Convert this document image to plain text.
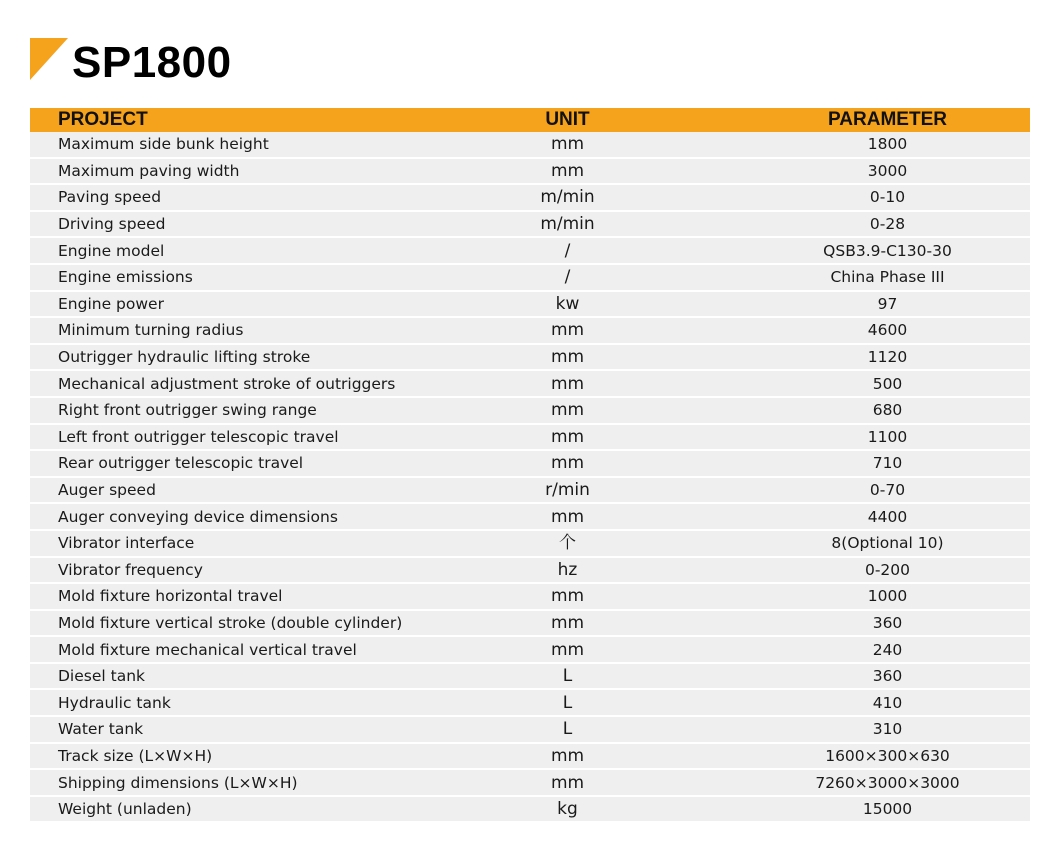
SP1800
PROJECT	UNIT	PARAMETER
Maximum side bunk height	mm	1800
Maximum paving width	mm	3000
Paving speed	m/min	0-10
Driving speed	m/min	0-28
Engine model	/	QSB3.9-C130-30
Engine emissions	/	China Phase III
Engine power	kw	97
Minimum turning radius	mm	4600
Outrigger hydraulic lifting stroke	mm	1120
Mechanical adjustment stroke of outriggers	mm	500
Right front outrigger swing range	mm	680
Left front outrigger telescopic travel	mm	1100
Rear outrigger telescopic travel	mm	710
Auger speed	r/min	0-70
Auger conveying device dimensions	mm	4400
Vibrator interface	个	8(Optional 10)
Vibrator frequency	hz	0-200
Mold fixture horizontal travel	mm	1000
Mold fixture vertical stroke (double cylinder)	mm	360
Mold fixture mechanical vertical travel	mm	240
Diesel tank	L	360
Hydraulic tank	L	410
Water tank	L	310
Track size (L×W×H)	mm	1600×300×630
Shipping dimensions (L×W×H)	mm	7260×3000×3000
Weight (unladen)	kg	15000
